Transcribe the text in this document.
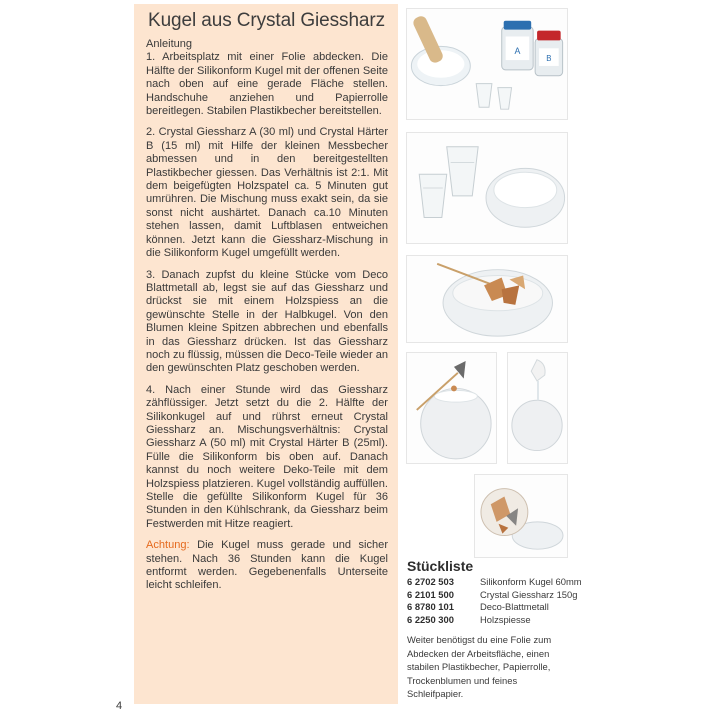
Kugel aus Crystal Giessharz

Anleitung
1. Arbeitsplatz mit einer Folie abdecken. Die Hälfte der Silikonform Kugel mit der offenen Seite nach oben auf eine gerade Fläche stellen. Handschuhe anziehen und Papierrolle bereitlegen. Stabilen Plastikbecher bereitstellen.

2. Crystal Giessharz A (30 ml) und Crystal Härter B (15 ml) mit Hilfe der kleinen Messbecher abmessen und in den bereitgestellten Plastikbecher giessen. Das Verhältnis ist 2:1. Mit dem beigefügten Holzspatel ca. 5 Minuten gut umrühren. Die Mischung muss exakt sein, da sie sonst nicht aushärtet. Danach ca.10 Minuten stehen lassen, damit Luftblasen entweichen können. Jetzt kann die Giessharz-Mischung in die Silikonform Kugel umgefüllt werden.

3. Danach zupfst du kleine Stücke vom Deco Blattmetall ab, legst sie auf das Giessharz und drückst sie mit einem Holzspiess an die gewünschte Stelle in der Halbkugel. Von den Blumen kleine Spitzen abbrechen und ebenfalls in das Giessharz drücken. Ist das Giessharz noch zu flüssig, müssen die Deco-Teile wieder an den gewünschten Platz geschoben werden.

4. Nach einer Stunde wird das Giessharz zähflüssiger. Jetzt setzt du die 2. Hälfte der Silikonkugel auf und rührst erneut Crystal Giessharz an. Mischungsverhältnis: Crystal Giessharz A (50 ml) mit Crystal Härter B (25ml). Fülle die Silikonform bis oben auf. Danach kannst du noch weitere Deko-Teile mit dem Holzspiess platzieren. Kugel vollständig auffüllen. Stelle die gefüllte Silikonform Kugel für 36 Stunden in den Kühlschrank, da Giessharz beim Festwerden mit Hitze reagiert.

Achtung: Die Kugel muss gerade und sicher stehen. Nach 36 Stunden kann die Kugel entformt werden. Gegebenenfalls Unterseite leicht schleifen.

A
B
Stückliste
6 2702 503	Silikonform Kugel 60mm
6 2101 500	Crystal Giessharz 150g
6 8780 101	Deco-Blattmetall
6 2250 300	Holzspiesse
Weiter benötigst du eine Folie zum Abdecken der Arbeitsfläche, einen stabilen Plastikbecher, Papierrolle, Trockenblumen und feines Schleifpapier.
4
